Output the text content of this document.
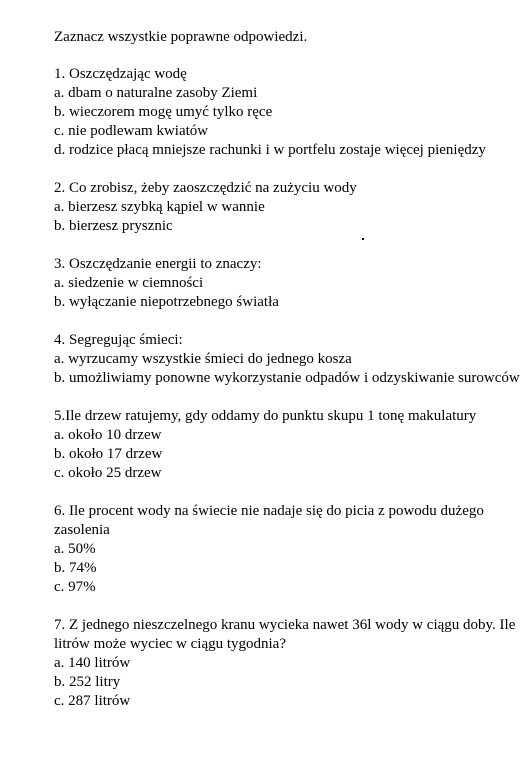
Zaznacz wszystkie poprawne odpowiedzi.
1. Oszczędzając wodę
a. dbam o naturalne zasoby Ziemi
b. wieczorem mogę umyć tylko ręce
c. nie podlewam kwiatów
d. rodzice płacą mniejsze rachunki i w portfelu zostaje więcej pieniędzy
2. Co zrobisz, żeby zaoszczędzić na zużyciu wody
a. bierzesz szybką kąpiel w wannie
b. bierzesz prysznic
3. Oszczędzanie energii to znaczy:
a. siedzenie w ciemności
b. wyłączanie niepotrzebnego światła
4. Segregując śmieci:
a. wyrzucamy wszystkie śmieci do jednego kosza
b. umożliwiamy ponowne wykorzystanie odpadów i odzyskiwanie surowców
5.Ile drzew ratujemy, gdy oddamy do punktu skupu 1 tonę makulatury
a. około 10 drzew
b. około 17 drzew
c. około 25 drzew
6. Ile procent wody na świecie nie nadaje się do picia z powodu dużego
zasolenia
a. 50%
b. 74%
c. 97%
7. Z jednego nieszczelnego kranu wycieka nawet 36l wody w ciągu doby. Ile
litrów może wyciec w ciągu tygodnia?
a. 140 litrów
b. 252 litry
c. 287 litrów
